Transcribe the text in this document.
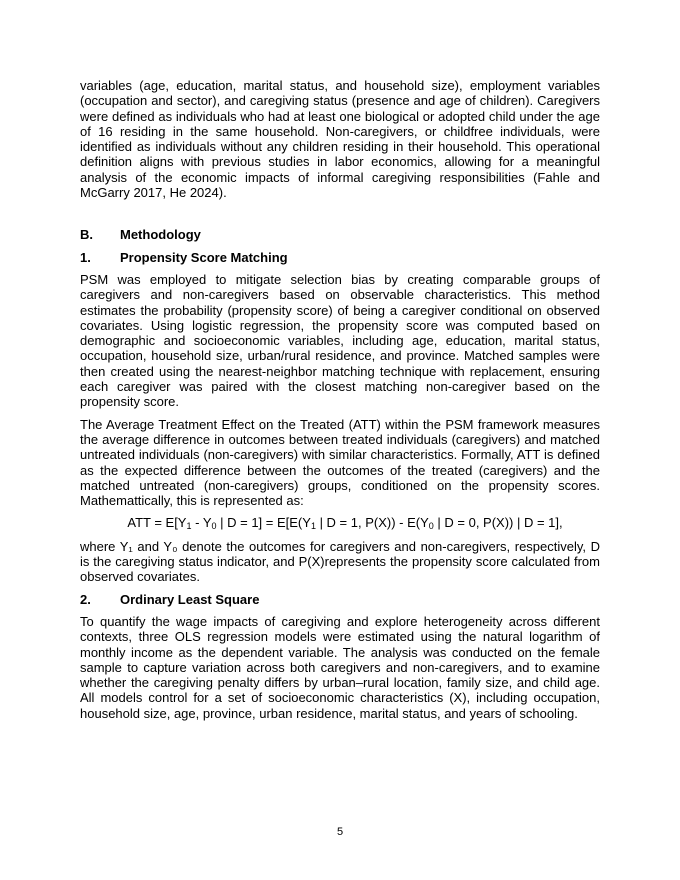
variables (age, education, marital status, and household size), employment variables (occupation and sector), and caregiving status (presence and age of children). Caregivers were defined as individuals who had at least one biological or adopted child under the age of 16 residing in the same household. Non-caregivers, or childfree individuals, were identified as individuals without any children residing in their household. This operational definition aligns with previous studies in labor economics, allowing for a meaningful analysis of the economic impacts of informal caregiving responsibilities (Fahle and McGarry 2017, He 2024).

B.	Methodology
1.	Propensity Score Matching

PSM was employed to mitigate selection bias by creating comparable groups of caregivers and non-caregivers based on observable characteristics. This method estimates the probability (propensity score) of being a caregiver conditional on observed covariates. Using logistic regression, the propensity score was computed based on demographic and socioeconomic variables, including age, education, marital status, occupation, household size, urban/rural residence, and province. Matched samples were then created using the nearest-neighbor matching technique with replacement, ensuring each caregiver was paired with the closest matching non-caregiver based on the propensity score.

The Average Treatment Effect on the Treated (ATT) within the PSM framework measures the average difference in outcomes between treated individuals (caregivers) and matched untreated individuals (non-caregivers) with similar characteristics. Formally, ATT is defined as the expected difference between the outcomes of the treated (caregivers) and the matched untreated (non-caregivers) groups, conditioned on the propensity scores. Mathemattically, this is represented as:

ATT = $E[Y_1 - Y_0$ | $D = 1] = E[E(Y_1$ | D = 1, $P(X)) - E(Y_0$ | D = 0, P(X)) | D = 1],

where Y₁ and Y₀ denote the outcomes for caregivers and non-caregivers, respectively, D is the caregiving status indicator, and P(X)represents the propensity score calculated from observed covariates.

2.	Ordinary Least Square

To quantify the wage impacts of caregiving and explore heterogeneity across different contexts, three OLS regression models were estimated using the natural logarithm of monthly income as the dependent variable. The analysis was conducted on the female sample to capture variation across both caregivers and non-caregivers, and to examine whether the caregiving penalty differs by urban–rural location, family size, and child age. All models control for a set of socioeconomic characteristics (X), including occupation, household size, age, province, urban residence, marital status, and years of schooling.

5
